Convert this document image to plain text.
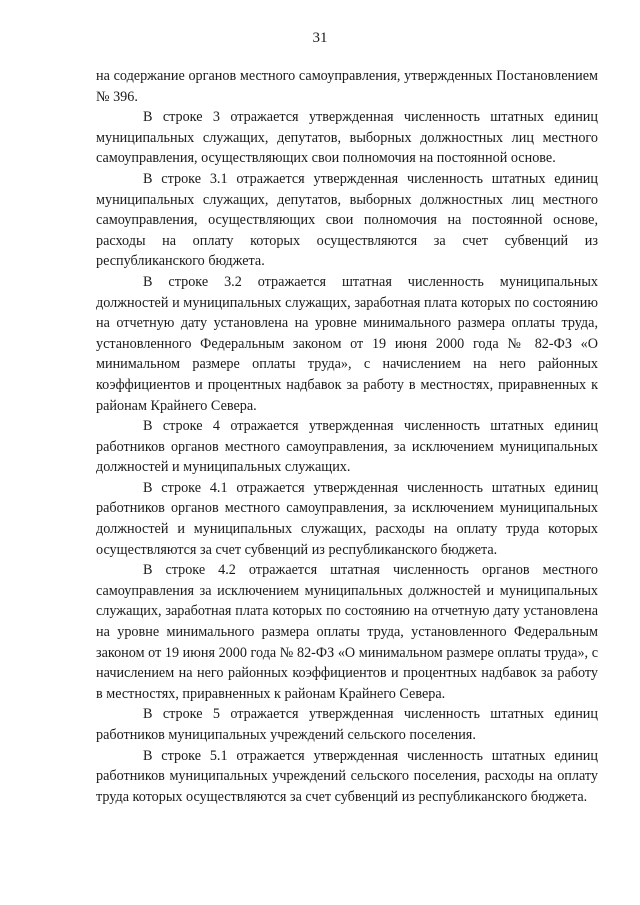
31

на содержание органов местного самоуправления, утвержденных Постановлением № 396.

В строке 3 отражается утвержденная численность штатных единиц муниципальных служащих, депутатов, выборных должностных лиц местного самоуправления, осуществляющих свои полномочия на постоянной основе.

В строке 3.1 отражается утвержденная численность штатных единиц муниципальных служащих, депутатов, выборных должностных лиц местного самоуправления, осуществляющих свои полномочия на постоянной основе, расходы на оплату которых осуществляются за счет субвенций из республиканского бюджета.

В строке 3.2 отражается штатная численность муниципальных должностей и муниципальных служащих, заработная плата которых по состоянию на отчетную дату установлена на уровне минимального размера оплаты труда, установленного Федеральным законом от 19 июня 2000 года № 82-ФЗ «О минимальном размере оплаты труда», с начислением на него районных коэффициентов и процентных надбавок за работу в местностях, приравненных к районам Крайнего Севера.

В строке 4 отражается утвержденная численность штатных единиц работников органов местного самоуправления, за исключением муниципальных должностей и муниципальных служащих.

В строке 4.1 отражается утвержденная численность штатных единиц работников органов местного самоуправления, за исключением муниципальных должностей и муниципальных служащих, расходы на оплату труда которых осуществляются за счет субвенций из республиканского бюджета.

В строке 4.2 отражается штатная численность органов местного самоуправления за исключением муниципальных должностей и муниципальных служащих, заработная плата которых по состоянию на отчетную дату установлена на уровне минимального размера оплаты труда, установленного Федеральным законом от 19 июня 2000 года № 82-ФЗ «О минимальном размере оплаты труда», с начислением на него районных коэффициентов и процентных надбавок за работу в местностях, приравненных к районам Крайнего Севера.

В строке 5 отражается утвержденная численность штатных единиц работников муниципальных учреждений сельского поселения.

В строке 5.1 отражается утвержденная численность штатных единиц работников муниципальных учреждений сельского поселения, расходы на оплату труда которых осуществляются за счет субвенций из республиканского бюджета.
